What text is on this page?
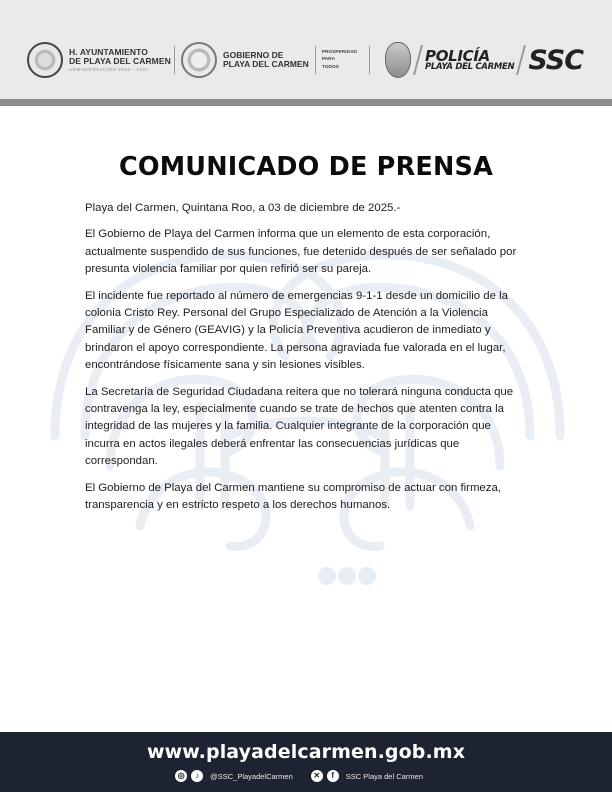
H. AYUNTAMIENTO
DE PLAYA DEL CARMEN
ADMINISTRACIÓN 2024 - 2027
GOBIERNO DE
PLAYA DEL CARMEN
PROSPERIDAD
PARA
TODOS
POLICÍA
PLAYA DEL CARMEN SSC
COMUNICADO DE PRENSA

Playa del Carmen, Quintana Roo, a 03 de diciembre de 2025.-

El Gobierno de Playa del Carmen informa que un elemento de esta corporación, actualmente suspendido de sus funciones, fue detenido después de ser señalado por presunta violencia familiar por quien refirió ser su pareja.

El incidente fue reportado al número de emergencias 9-1-1 desde un domicilio de la colonia Cristo Rey. Personal del Grupo Especializado de Atención a la Violencia Familiar y de Género (GEAVIG) y la Policía Preventiva acudieron de inmediato y brindaron el apoyo correspondiente. La persona agraviada fue valorada en el lugar, encontrándose físicamente sana y sin lesiones visibles.

La Secretaría de Seguridad Ciudadana reitera que no tolerará ninguna conducta que contravenga la ley, especialmente cuando se trate de hechos que atenten contra la integridad de las mujeres y la familia. Cualquier integrante de la corporación que incurra en actos ilegales deberá enfrentar las consecuencias jurídicas que correspondan.

El Gobierno de Playa del Carmen mantiene su compromiso de actuar con firmeza, transparencia y en estricto respeto a los derechos humanos.

www.playadelcarmen.gob.mx
◎	♪	@SSC_PlayadelCarmen	✕	f	SSC Playa del Carmen
